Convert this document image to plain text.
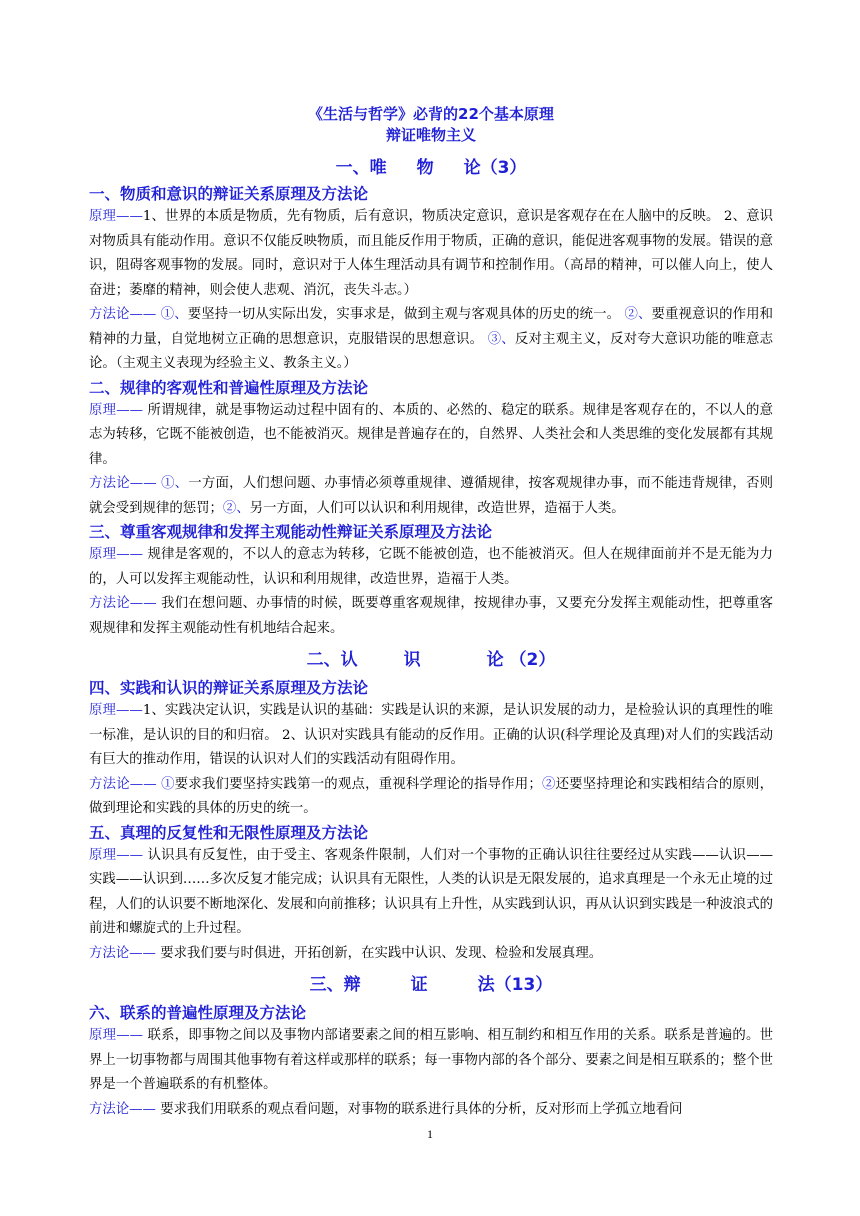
《生活与哲学》必背的22个基本原理
辩证唯物主义
一、唯 物 论（3）
一、物质和意识的辩证关系原理及方法论

原理——1、世界的本质是物质，先有物质，后有意识，物质决定意识，意识是客观存在在人脑中的反映。 2、意识对物质具有能动作用。意识不仅能反映物质，而且能反作用于物质，正确的意识，能促进客观事物的发展。错误的意识，阻碍客观事物的发展。同时，意识对于人体生理活动具有调节和控制作用。（高昂的精神，可以催人向上，使人奋进；萎靡的精神，则会使人悲观、消沉，丧失斗志。）

方法论—— ①、要坚持一切从实际出发，实事求是，做到主观与客观具体的历史的统一。 ②、要重视意识的作用和精神的力量，自觉地树立正确的思想意识，克服错误的思想意识。 ③、反对主观主义，反对夸大意识功能的唯意志论。（主观主义表现为经验主义、教条主义。）

二、规律的客观性和普遍性原理及方法论

原理—— 所谓规律，就是事物运动过程中固有的、本质的、必然的、稳定的联系。规律是客观存在的，不以人的意志为转移，它既不能被创造，也不能被消灭。规律是普遍存在的，自然界、人类社会和人类思维的变化发展都有其规律。

方法论—— ①、一方面，人们想问题、办事情必须尊重规律、遵循规律，按客观规律办事，而不能违背规律，否则就会受到规律的惩罚；②、另一方面，人们可以认识和利用规律，改造世界，造福于人类。

三、尊重客观规律和发挥主观能动性辩证关系原理及方法论

原理—— 规律是客观的，不以人的意志为转移，它既不能被创造，也不能被消灭。但人在规律面前并不是无能为力的，人可以发挥主观能动性，认识和利用规律，改造世界，造福于人类。

方法论—— 我们在想问题、办事情的时候，既要尊重客观规律，按规律办事，又要充分发挥主观能动性，把尊重客观规律和发挥主观能动性有机地结合起来。

二、认	识	论 （2）
四、实践和认识的辩证关系原理及方法论

原理——1、实践决定认识，实践是认识的基础：实践是认识的来源，是认识发展的动力，是检验认识的真理性的唯一标准，是认识的目的和归宿。 2、认识对实践具有能动的反作用。正确的认识(科学理论及真理)对人们的实践活动有巨大的推动作用，错误的认识对人们的实践活动有阻碍作用。

方法论—— ①要求我们要坚持实践第一的观点，重视科学理论的指导作用；②还要坚持理论和实践相结合的原则，做到理论和实践的具体的历史的统一。

五、真理的反复性和无限性原理及方法论

原理—— 认识具有反复性，由于受主、客观条件限制，人们对一个事物的正确认识往往要经过从实践——认识——实践——认识到……多次反复才能完成；认识具有无限性，人类的认识是无限发展的，追求真理是一个永无止境的过程，人们的认识要不断地深化、发展和向前推移；认识具有上升性，从实践到认识，再从认识到实践是一种波浪式的前进和螺旋式的上升过程。

方法论—— 要求我们要与时俱进，开拓创新，在实践中认识、发现、检验和发展真理。

三、辩	证	法（13）
六、联系的普遍性原理及方法论

原理—— 联系，即事物之间以及事物内部诸要素之间的相互影响、相互制约和相互作用的关系。联系是普遍的。世界上一切事物都与周围其他事物有着这样或那样的联系；每一事物内部的各个部分、要素之间是相互联系的；整个世界是一个普遍联系的有机整体。

方法论—— 要求我们用联系的观点看问题，对事物的联系进行具体的分析，反对形而上学孤立地看问

1
